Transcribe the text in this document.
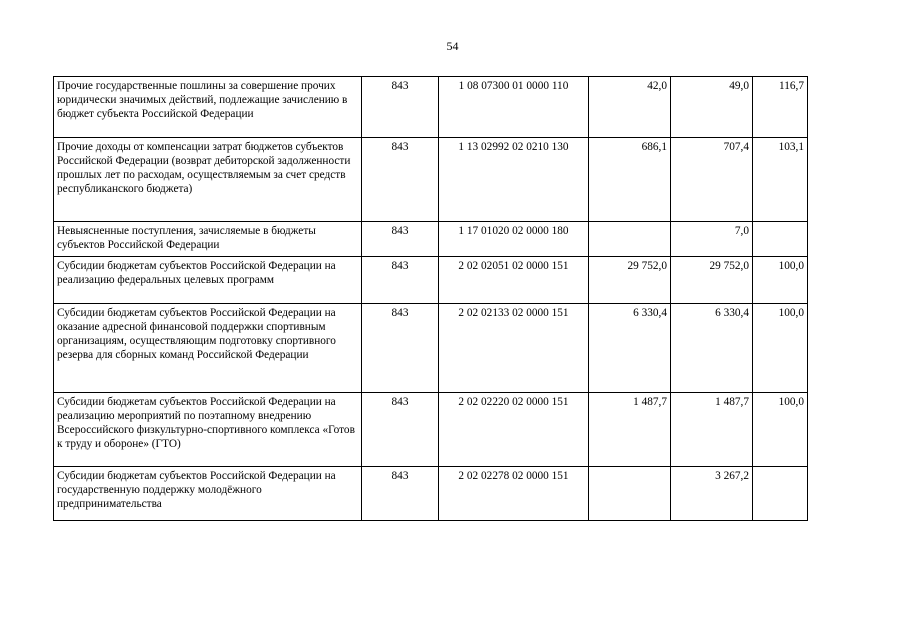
54
Прочие государственные пошлины за совершение прочих юридически значимых действий, подлежащие зачислению в бюджет субъекта Российской Федерации	843	1 08 07300 01 0000 110	42,0	49,0	116,7
Прочие доходы от компенсации затрат бюджетов субъектов Российской Федерации (возврат дебиторской задолженности прошлых лет по расходам, осуществляемым за счет средств республиканского бюджета)	843	1 13 02992 02 0210 130	686,1	707,4	103,1
Невыясненные поступления, зачисляемые в бюджеты субъектов Российской Федерации	843	1 17 01020 02 0000 180		7,0	
Субсидии бюджетам субъектов Российской Федерации на реализацию федеральных целевых программ	843	2 02 02051 02 0000 151	29 752,0	29 752,0	100,0
Субсидии бюджетам субъектов Российской Федерации на оказание адресной финансовой поддержки спортивным организациям, осуществляющим подготовку спортивного резерва для сборных команд Российской Федерации	843	2 02 02133 02 0000 151	6 330,4	6 330,4	100,0
Субсидии бюджетам субъектов Российской Федерации на реализацию мероприятий по поэтапному внедрению Всероссийского физкультурно-спортивного комплекса «Готов к труду и обороне» (ГТО)	843	2 02 02220 02 0000 151	1 487,7	1 487,7	100,0
Субсидии бюджетам субъектов Российской Федерации на государственную поддержку молодёжного предпринимательства	843	2 02 02278 02 0000 151		3 267,2	
